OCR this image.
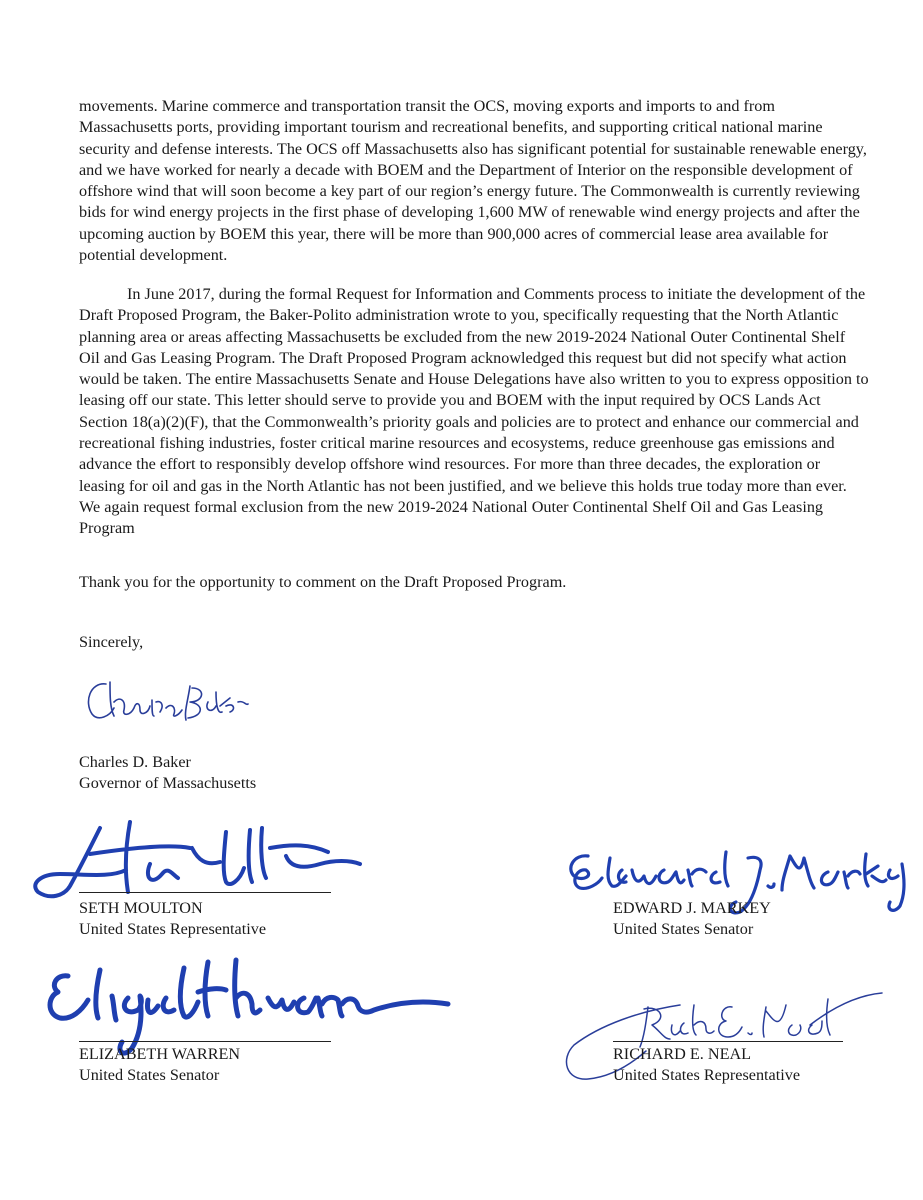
movements. Marine commerce and transportation transit the OCS, moving exports and imports to and from Massachusetts ports, providing important tourism and recreational benefits, and supporting critical national marine security and defense interests. The OCS off Massachusetts also has significant potential for sustainable renewable energy, and we have worked for nearly a decade with BOEM and the Department of Interior on the responsible development of offshore wind that will soon become a key part of our region’s energy future. The Commonwealth is currently reviewing bids for wind energy projects in the first phase of developing 1,600 MW of renewable wind energy projects and after the upcoming auction by BOEM this year, there will be more than 900,000 acres of commercial lease area available for potential development.

In June 2017, during the formal Request for Information and Comments process to initiate the development of the Draft Proposed Program, the Baker-Polito administration wrote to you, specifically requesting that the North Atlantic planning area or areas affecting Massachusetts be excluded from the new 2019-2024 National Outer Continental Shelf Oil and Gas Leasing Program. The Draft Proposed Program acknowledged this request but did not specify what action would be taken. The entire Massachusetts Senate and House Delegations have also written to you to express opposition to leasing off our state. This letter should serve to provide you and BOEM with the input required by OCS Lands Act Section 18(a)(2)(F), that the Commonwealth’s priority goals and policies are to protect and enhance our commercial and recreational fishing industries, foster critical marine resources and ecosystems, reduce greenhouse gas emissions and advance the effort to responsibly develop offshore wind resources. For more than three decades, the exploration or leasing for oil and gas in the North Atlantic has not been justified, and we believe this holds true today more than ever. We again request formal exclusion from the new 2019-2024 National Outer Continental Shelf Oil and Gas Leasing Program

Thank you for the opportunity to comment on the Draft Proposed Program.

Sincerely,

Charles D. Baker

Governor of Massachusetts

SETH MOULTON

United States Representative

EDWARD J. MARKEY

United States Senator

ELIZABETH WARREN

United States Senator

RICHARD E. NEAL

United States Representative
